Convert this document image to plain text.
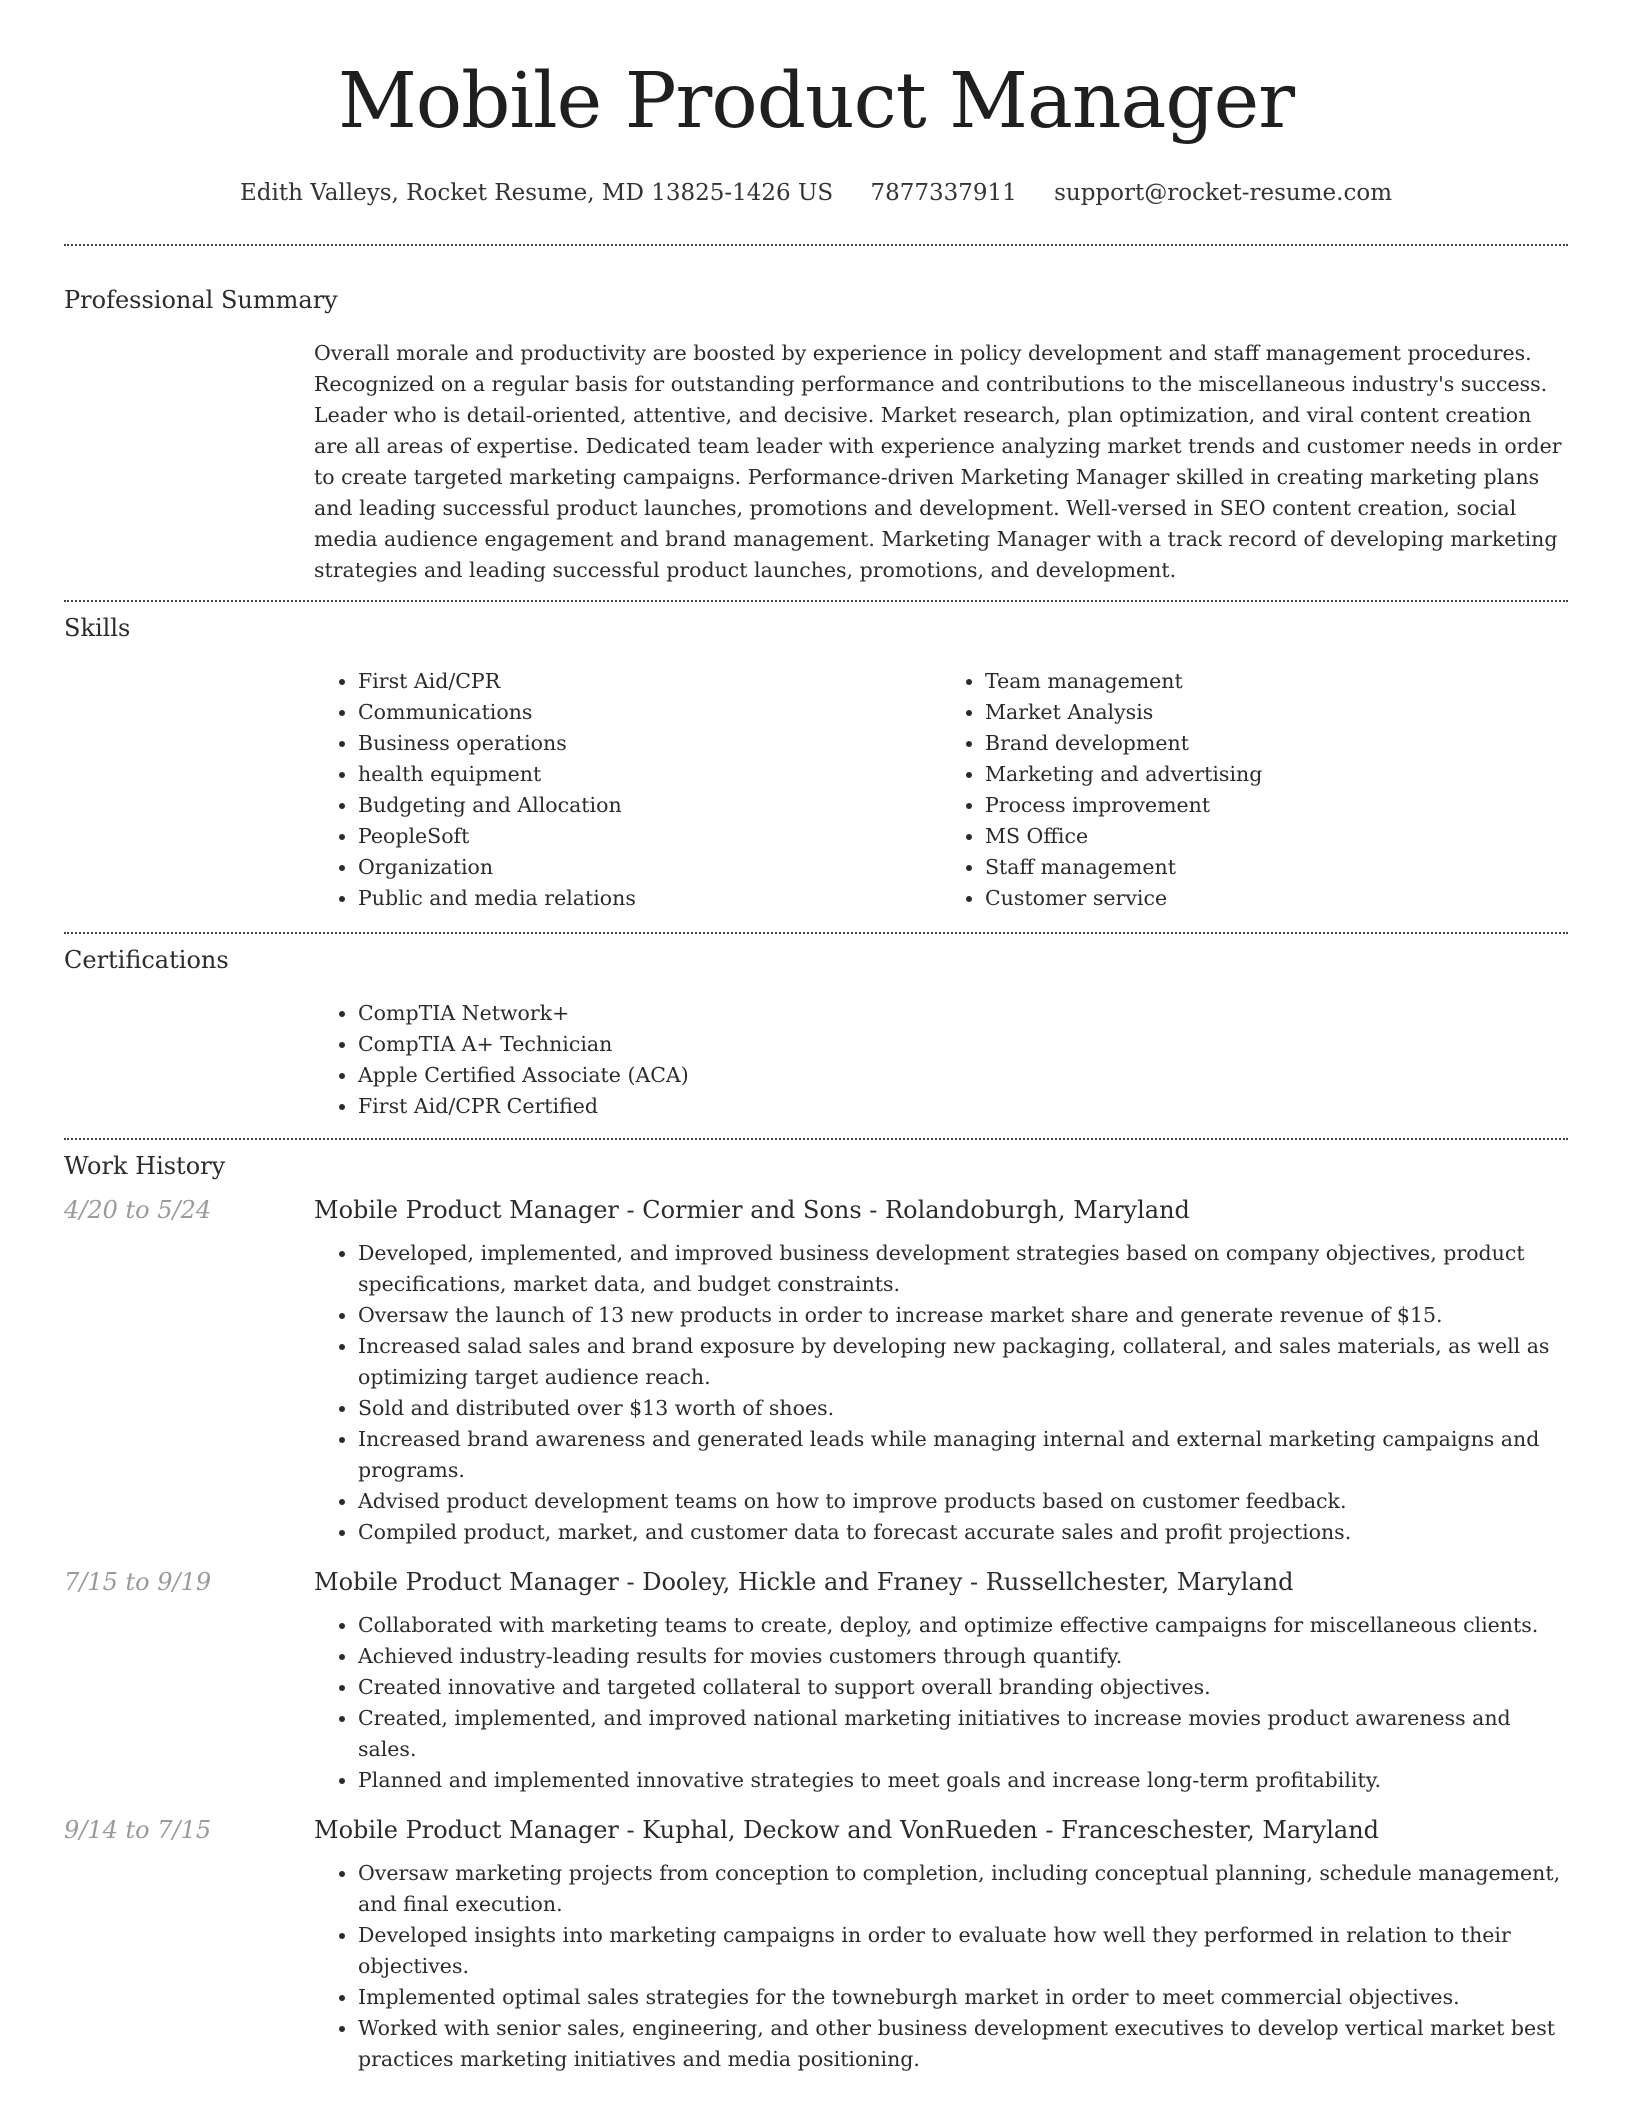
Mobile Product Manager
Edith Valleys, Rocket Resume, MD 13825-1426 US 7877337911 support@rocket-resume.com
Professional Summary

Overall morale and productivity are boosted by experience in policy development and staff management procedures. Recognized on a regular basis for outstanding performance and contributions to the miscellaneous industry's success. Leader who is detail-oriented, attentive, and decisive. Market research, plan optimization, and viral content creation are all areas of expertise. Dedicated team leader with experience analyzing market trends and customer needs in order to create targeted marketing campaigns. Performance-driven Marketing Manager skilled in creating marketing plans and leading successful product launches, promotions and development. Well-versed in SEO content creation, social media audience engagement and brand management. Marketing Manager with a track record of developing marketing strategies and leading successful product launches, promotions, and development.

Skills
• First Aid/CPR
• Communications
• Business operations
• health equipment
• Budgeting and Allocation
• PeopleSoft
• Organization
• Public and media relations
• Team management
• Market Analysis
• Brand development
• Marketing and advertising
• Process improvement
• MS Office
• Staff management
• Customer service
Certifications
• CompTIA Network+
• CompTIA A+ Technician
• Apple Certified Associate (ACA)
• First Aid/CPR Certified
Work History
4/20 to 5/24	Mobile Product Manager - Cormier and Sons - Rolandoburgh, Maryland
• Developed, implemented, and improved business development strategies based on company objectives, product specifications, market data, and budget constraints.
• Oversaw the launch of 13 new products in order to increase market share and generate revenue of $15.
• Increased salad sales and brand exposure by developing new packaging, collateral, and sales materials, as well as optimizing target audience reach.
• Sold and distributed over $13 worth of shoes.
• Increased brand awareness and generated leads while managing internal and external marketing campaigns and programs.
• Advised product development teams on how to improve products based on customer feedback.
• Compiled product, market, and customer data to forecast accurate sales and profit projections.
7/15 to 9/19	Mobile Product Manager - Dooley, Hickle and Franey - Russellchester, Maryland
• Collaborated with marketing teams to create, deploy, and optimize effective campaigns for miscellaneous clients.
• Achieved industry-leading results for movies customers through quantify.
• Created innovative and targeted collateral to support overall branding objectives.
• Created, implemented, and improved national marketing initiatives to increase movies product awareness and sales.
• Planned and implemented innovative strategies to meet goals and increase long-term profitability.
9/14 to 7/15	Mobile Product Manager - Kuphal, Deckow and VonRueden - Franceschester, Maryland
• Oversaw marketing projects from conception to completion, including conceptual planning, schedule management, and final execution.
• Developed insights into marketing campaigns in order to evaluate how well they performed in relation to their objectives.
• Implemented optimal sales strategies for the towneburgh market in order to meet commercial objectives.
• Worked with senior sales, engineering, and other business development executives to develop vertical market best practices marketing initiatives and media positioning.
